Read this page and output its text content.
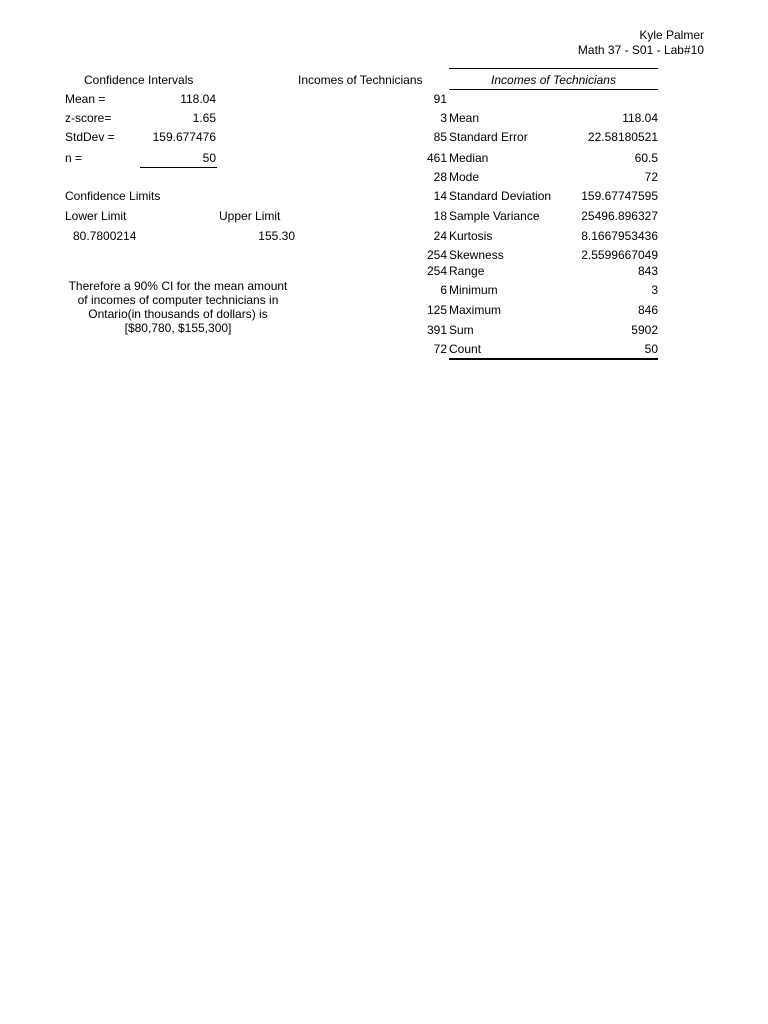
Kyle Palmer
Math 37 - S01 - Lab#10
Confidence Intervals
Mean =	118.04
z-score=	1.65
StdDev =	159.677476
n =	50
Confidence Limits
Lower Limit	Upper Limit
80.7800214	155.30
Therefore a 90% CI for the mean amount of incomes of computer technicians in Ontario(in thousands of dollars) is [$80,780, $155,300]
Incomes of Technicians
91
3
85
461
28
14
18
24
254
254
6
125
391
72
Incomes of Technicians
Mean	118.04
Standard Error	22.58180521
Median	60.5
Mode	72
Standard Deviation	159.67747595
Sample Variance	25496.896327
Kurtosis	8.1667953436
Skewness	2.5599667049
Range	843
Minimum	3
Maximum	846
Sum	5902
Count	50
